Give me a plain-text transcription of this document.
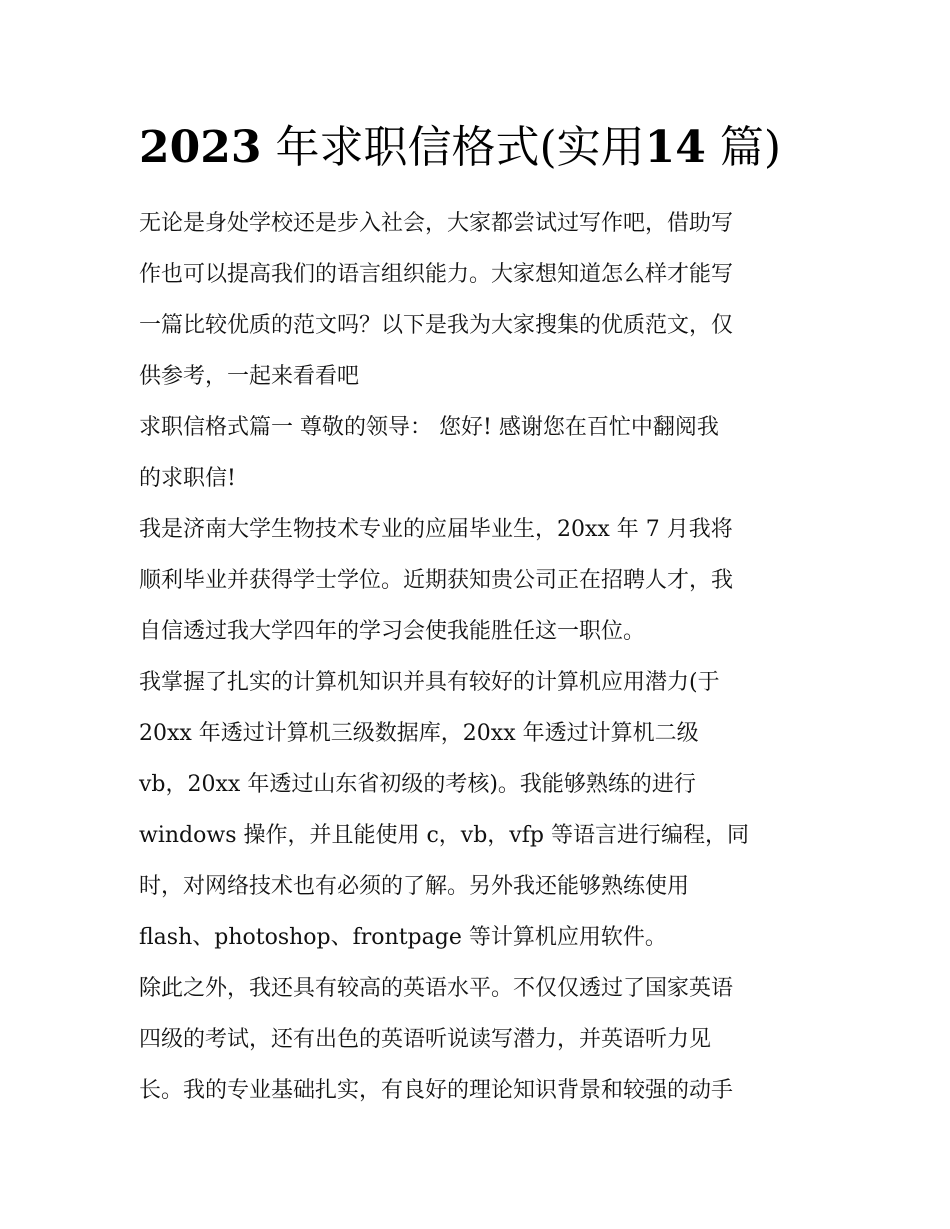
2023 年求职信格式(实用14 篇)
无论是身处学校还是步入社会，大家都尝试过写作吧，借助写
作也可以提高我们的语言组织能力。大家想知道怎么样才能写
一篇比较优质的范文吗？以下是我为大家搜集的优质范文，仅
供参考，一起来看看吧
求职信格式篇一 尊敬的领导： 您好! 感谢您在百忙中翻阅我
的求职信!
我是济南大学生物技术专业的应届毕业生，20xx 年 7 月我将
顺利毕业并获得学士学位。近期获知贵公司正在招聘人才，我
自信透过我大学四年的学习会使我能胜任这一职位。
我掌握了扎实的计算机知识并具有较好的计算机应用潜力(于
20xx 年透过计算机三级数据库，20xx 年透过计算机二级
vb，20xx 年透过山东省初级的考核)。我能够熟练的进行
windows 操作，并且能使用 c，vb，vfp 等语言进行编程，同
时，对网络技术也有必须的了解。另外我还能够熟练使用
flash、photoshop、frontpage 等计算机应用软件。
除此之外，我还具有较高的英语水平。不仅仅透过了国家英语
四级的考试，还有出色的英语听说读写潜力，并英语听力见
长。我的专业基础扎实，有良好的理论知识背景和较强的动手
